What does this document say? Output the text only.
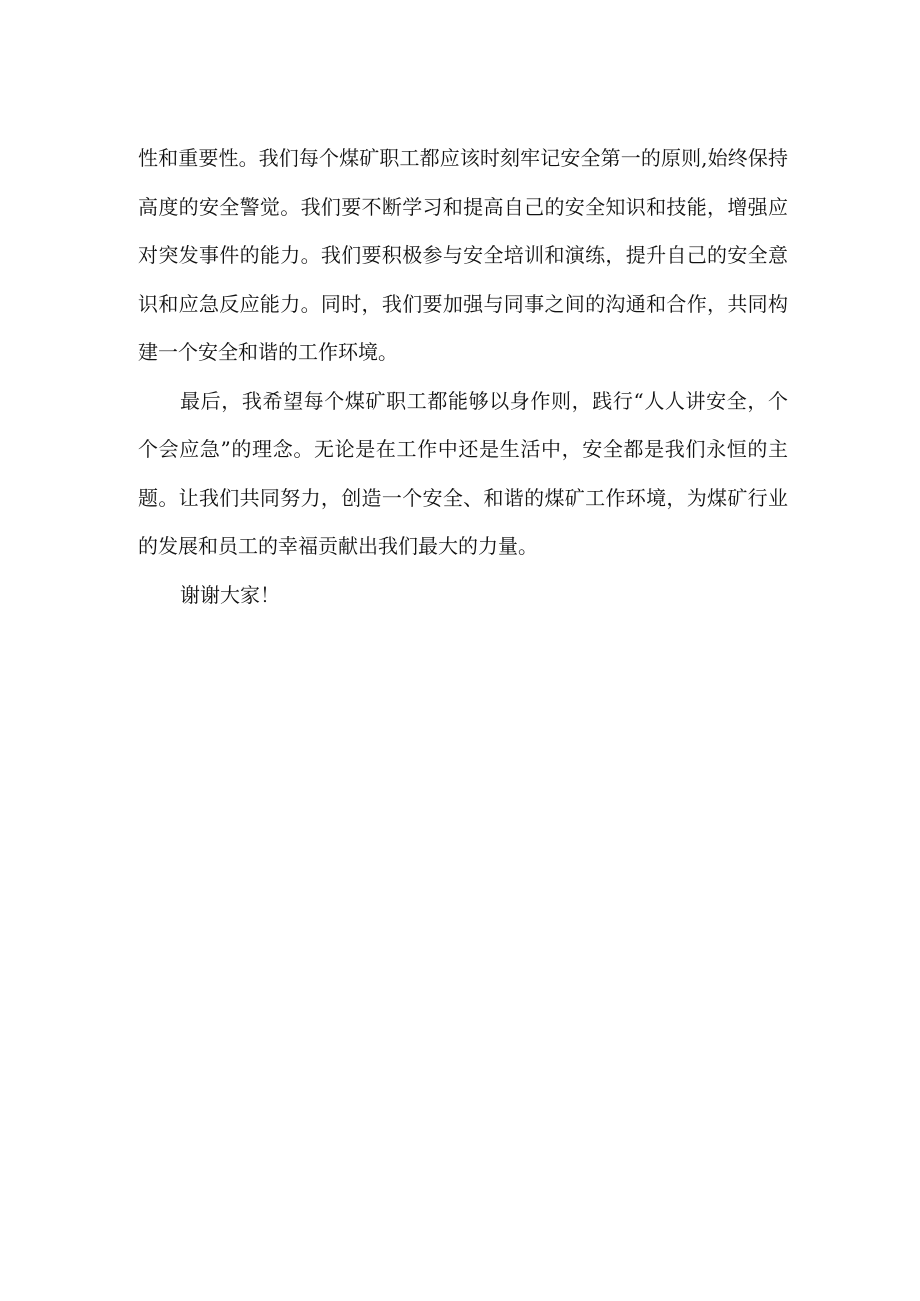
性和重要性。我们每个煤矿职工都应该时刻牢记安全第一的原则,始终保持
高度的安全警觉。我们要不断学习和提高自己的安全知识和技能，增强应
对突发事件的能力。我们要积极参与安全培训和演练，提升自己的安全意
识和应急反应能力。同时，我们要加强与同事之间的沟通和合作，共同构
建一个安全和谐的工作环境。
最后，我希望每个煤矿职工都能够以身作则，践行“人人讲安全，个
个会应急”的理念。无论是在工作中还是生活中，安全都是我们永恒的主
题。让我们共同努力，创造一个安全、和谐的煤矿工作环境，为煤矿行业
的发展和员工的幸福贡献出我们最大的力量。
谢谢大家！
